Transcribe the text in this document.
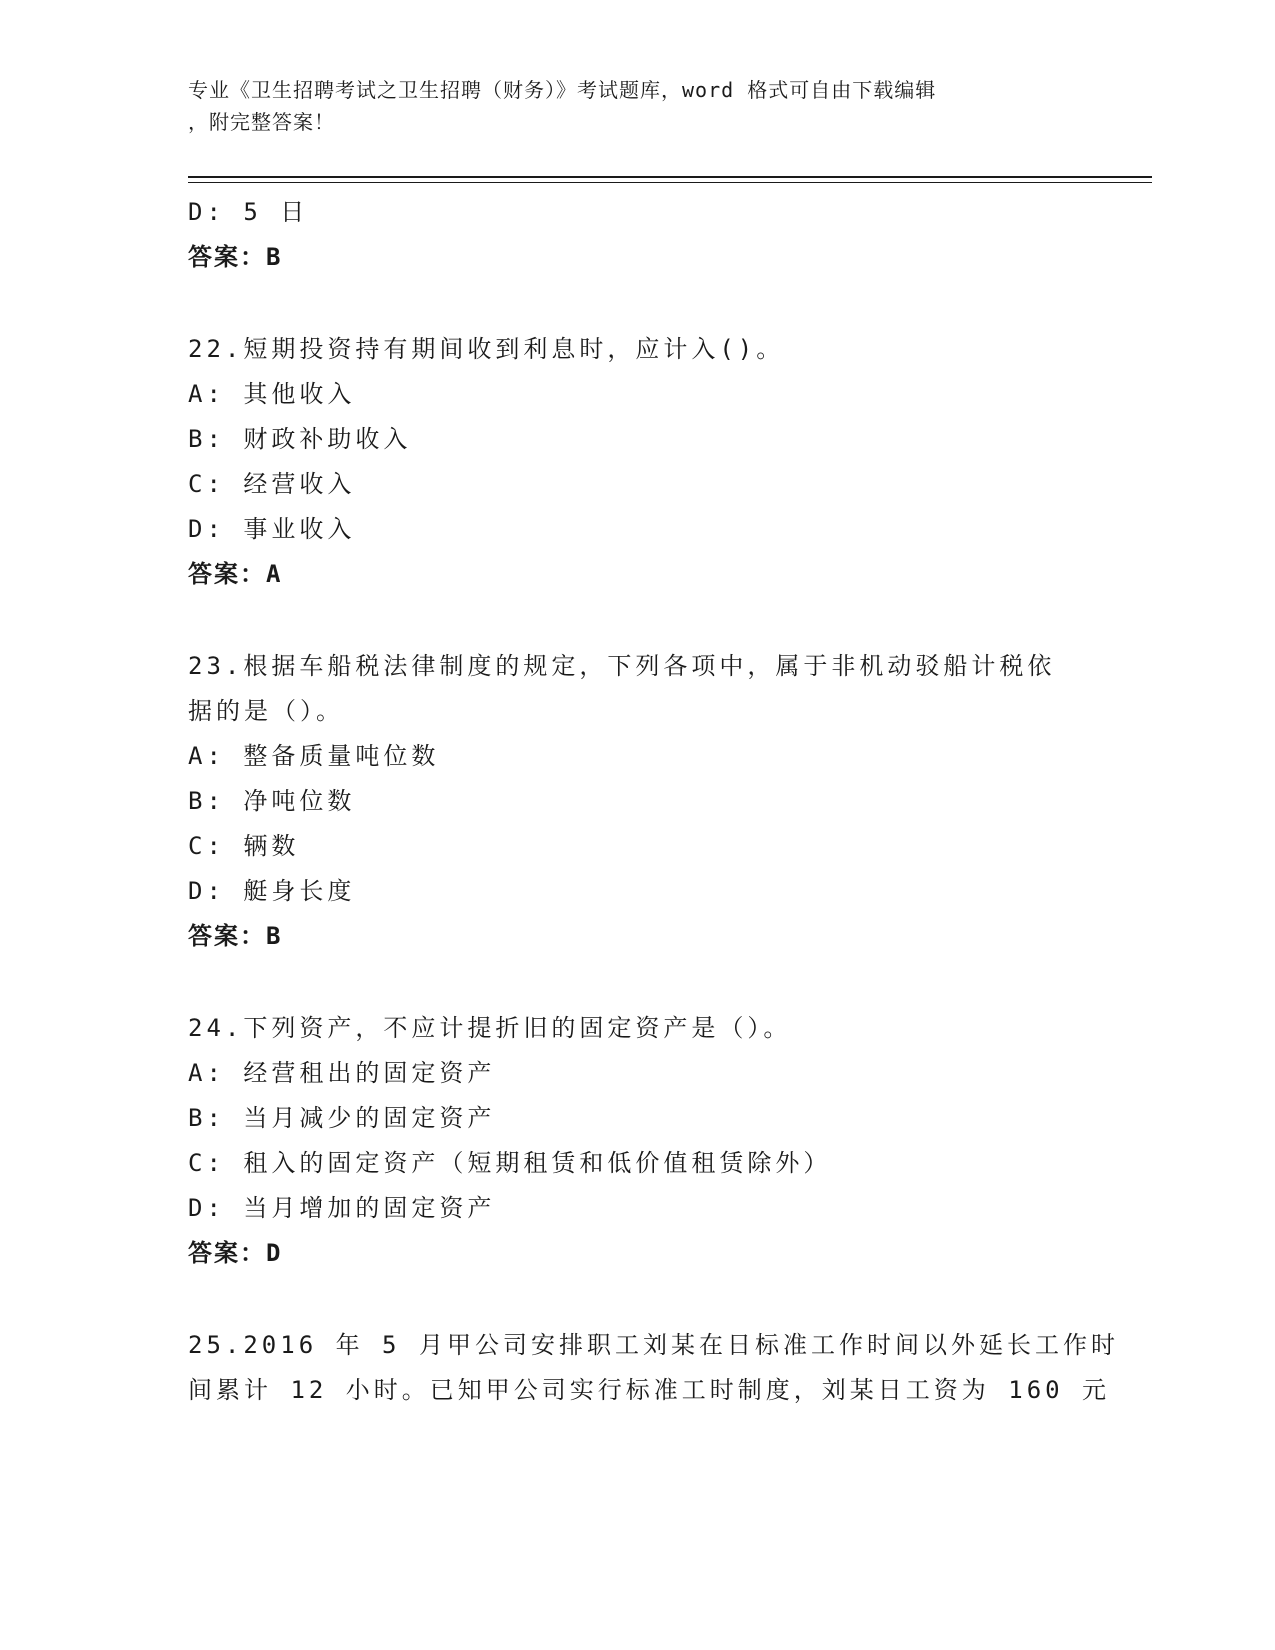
专业《卫生招聘考试之卫生招聘（财务）》考试题库，word 格式可自由下载编辑
，附完整答案！
D: 5 日
答案：B
22.短期投资持有期间收到利息时，应计入()。
A: 其他收入
B: 财政补助收入
C: 经营收入
D: 事业收入
答案：A
23.根据车船税法律制度的规定，下列各项中，属于非机动驳船计税依
据的是（）。
A: 整备质量吨位数
B: 净吨位数
C: 辆数
D: 艇身长度
答案：B
24.下列资产，不应计提折旧的固定资产是（）。
A: 经营租出的固定资产
B: 当月减少的固定资产
C: 租入的固定资产（短期租赁和低价值租赁除外）
D: 当月增加的固定资产
答案：D
25.2016 年 5 月甲公司安排职工刘某在日标准工作时间以外延长工作时
间累计 12 小时。已知甲公司实行标准工时制度，刘某日工资为 160 元
